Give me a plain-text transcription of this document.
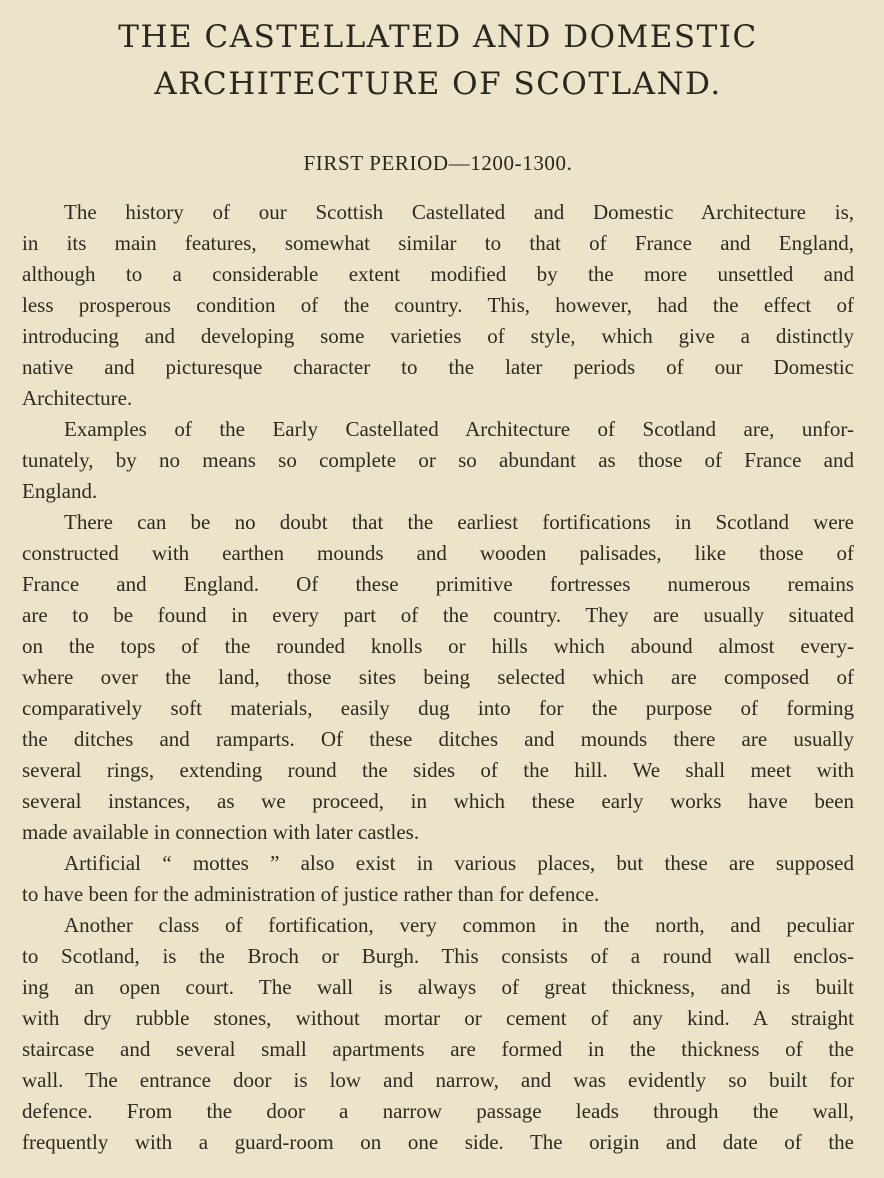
THE CASTELLATED AND DOMESTIC
ARCHITECTURE OF SCOTLAND.
FIRST PERIOD—1200-1300.

The history of our Scottish Castellated and Domestic Architecture is,
in its main features, somewhat similar to that of France and England,
although to a considerable extent modified by the more unsettled and
less prosperous condition of the country. This, however, had the effect of
introducing and developing some varieties of style, which give a distinctly
native and picturesque character to the later periods of our Domestic
Architecture.

Examples of the Early Castellated Architecture of Scotland are, unfor-
tunately, by no means so complete or so abundant as those of France and
England.

There can be no doubt that the earliest fortifications in Scotland were
constructed with earthen mounds and wooden palisades, like those of
France and England. Of these primitive fortresses numerous remains
are to be found in every part of the country. They are usually situated
on the tops of the rounded knolls or hills which abound almost every-
where over the land, those sites being selected which are composed of
comparatively soft materials, easily dug into for the purpose of forming
the ditches and ramparts. Of these ditches and mounds there are usually
several rings, extending round the sides of the hill. We shall meet with
several instances, as we proceed, in which these early works have been
made available in connection with later castles.

Artificial “ mottes ” also exist in various places, but these are supposed
to have been for the administration of justice rather than for defence.

Another class of fortification, very common in the north, and peculiar
to Scotland, is the Broch or Burgh. This consists of a round wall enclos-
ing an open court. The wall is always of great thickness, and is built
with dry rubble stones, without mortar or cement of any kind. A straight
staircase and several small apartments are formed in the thickness of the
wall. The entrance door is low and narrow, and was evidently so built for
defence. From the door a narrow passage leads through the wall,
frequently with a guard-room on one side. The origin and date of the
